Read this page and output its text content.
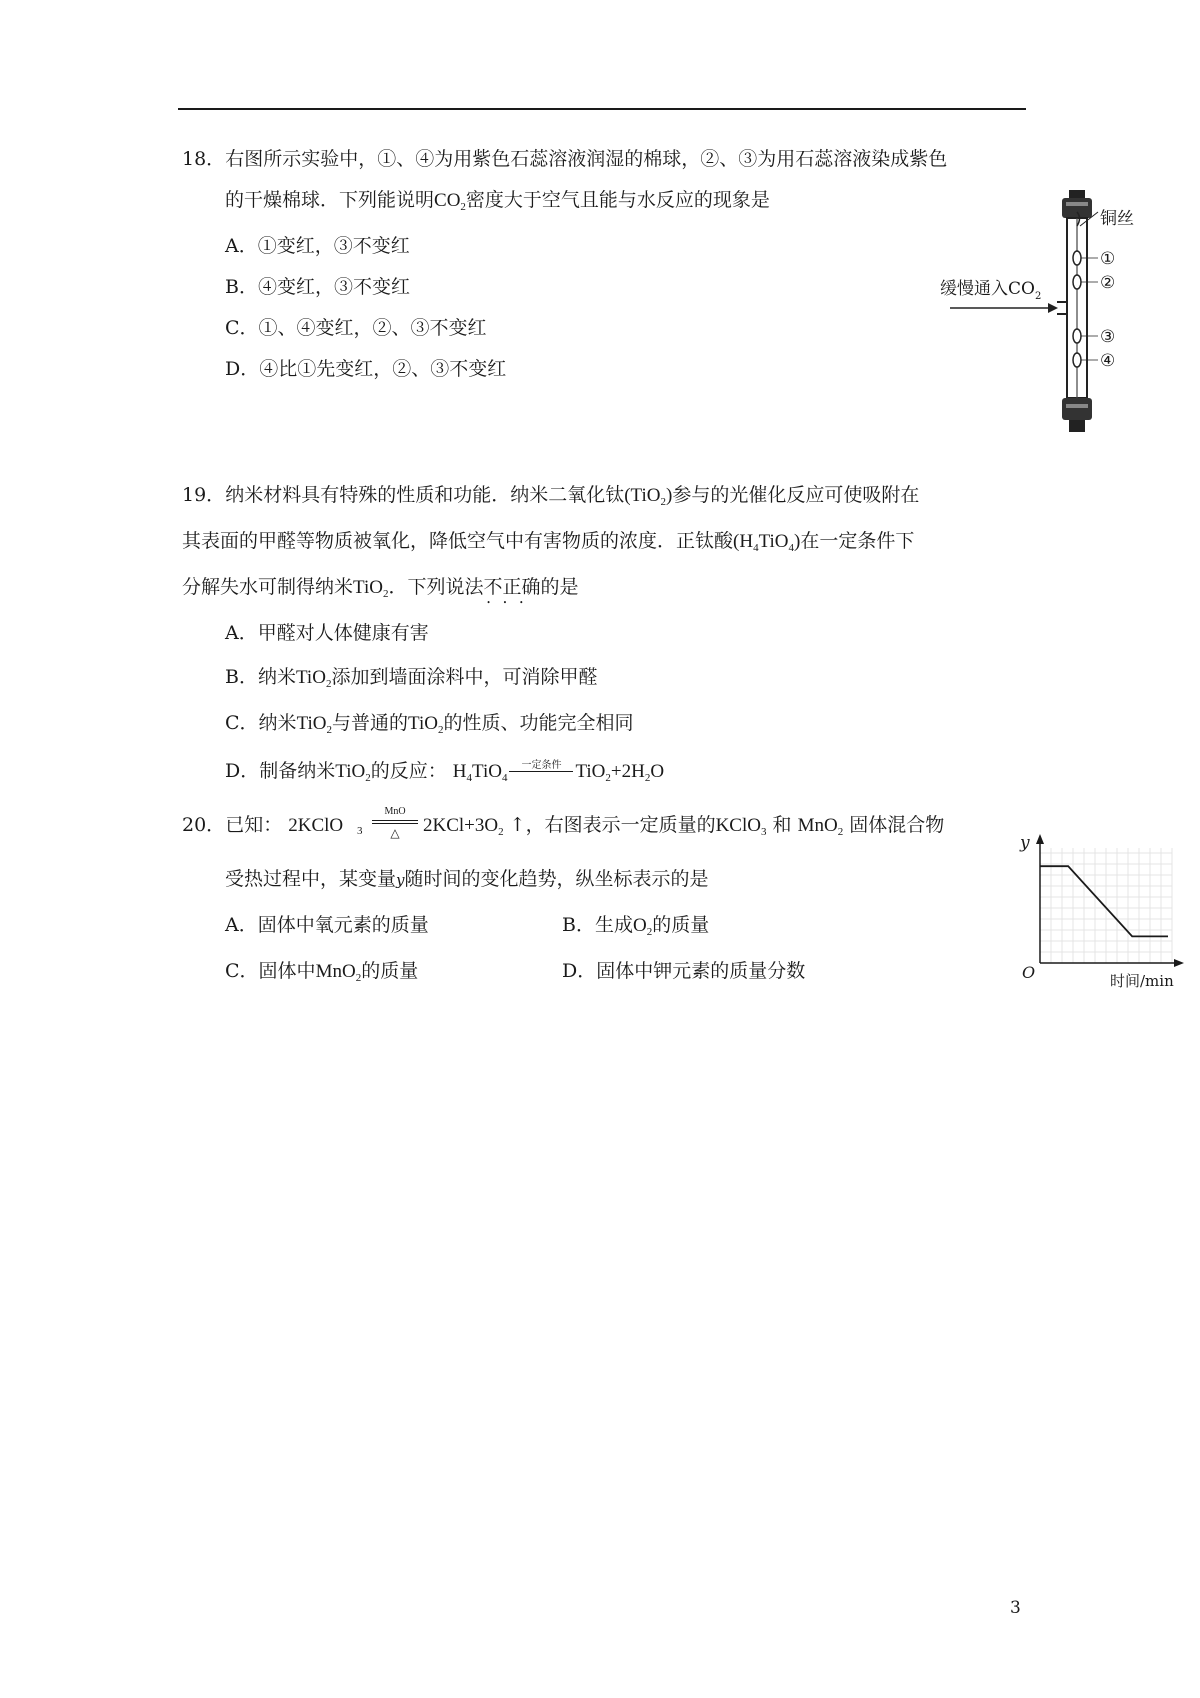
18．右图所示实验中，①、④为用紫色石蕊溶液润湿的棉球，②、③为用石蕊溶液染成紫色
的干燥棉球．下列能说明$CO_2$密度大于空气且能与水反应的现象是
A．①变红，③不变红
B．④变红，③不变红
C．①、④变红，②、③不变红
D．④比①先变红，②、③不变红
铜丝
①
②
③
④
缓慢通入$CO_2$
19．纳米材料具有特殊的性质和功能．纳米二氧化钛(TiO$_2$)参与的光催化反应可使吸附在
其表面的甲醛等物质被氧化，降低空气中有害物质的浓度．正钛酸$(H_4TiO_4)$在一定条件下
分解失水可制得纳米TiO$_2$．下列说法不正确 • • •的是
A．甲醛对人体健康有害
B．纳米TiO$_2$添加到墙面涂料中，可消除甲醛
C．纳米TiO$_2$与普通的TiO$_2$的性质、功能完全相同
D．制备纳米TiO$_2$的反应： $H_4TiO_4$
一定条件 $TiO_2+2H_2O$
20．已知： 2KClO	3
MnO
△	$2KCl+3O_2$ ↑，右图表示一定质量的KClO$_3$ 和 MnO$_2$ 固体混合物
受热过程中，某变量y随时间的变化趋势，纵坐标表示的是
A．固体中氧元素的质量	B．生成$O_2$的质量
C．固体中MnO$_2$的质量	D．固体中钾元素的质量分数
y
O	时间/min
3
